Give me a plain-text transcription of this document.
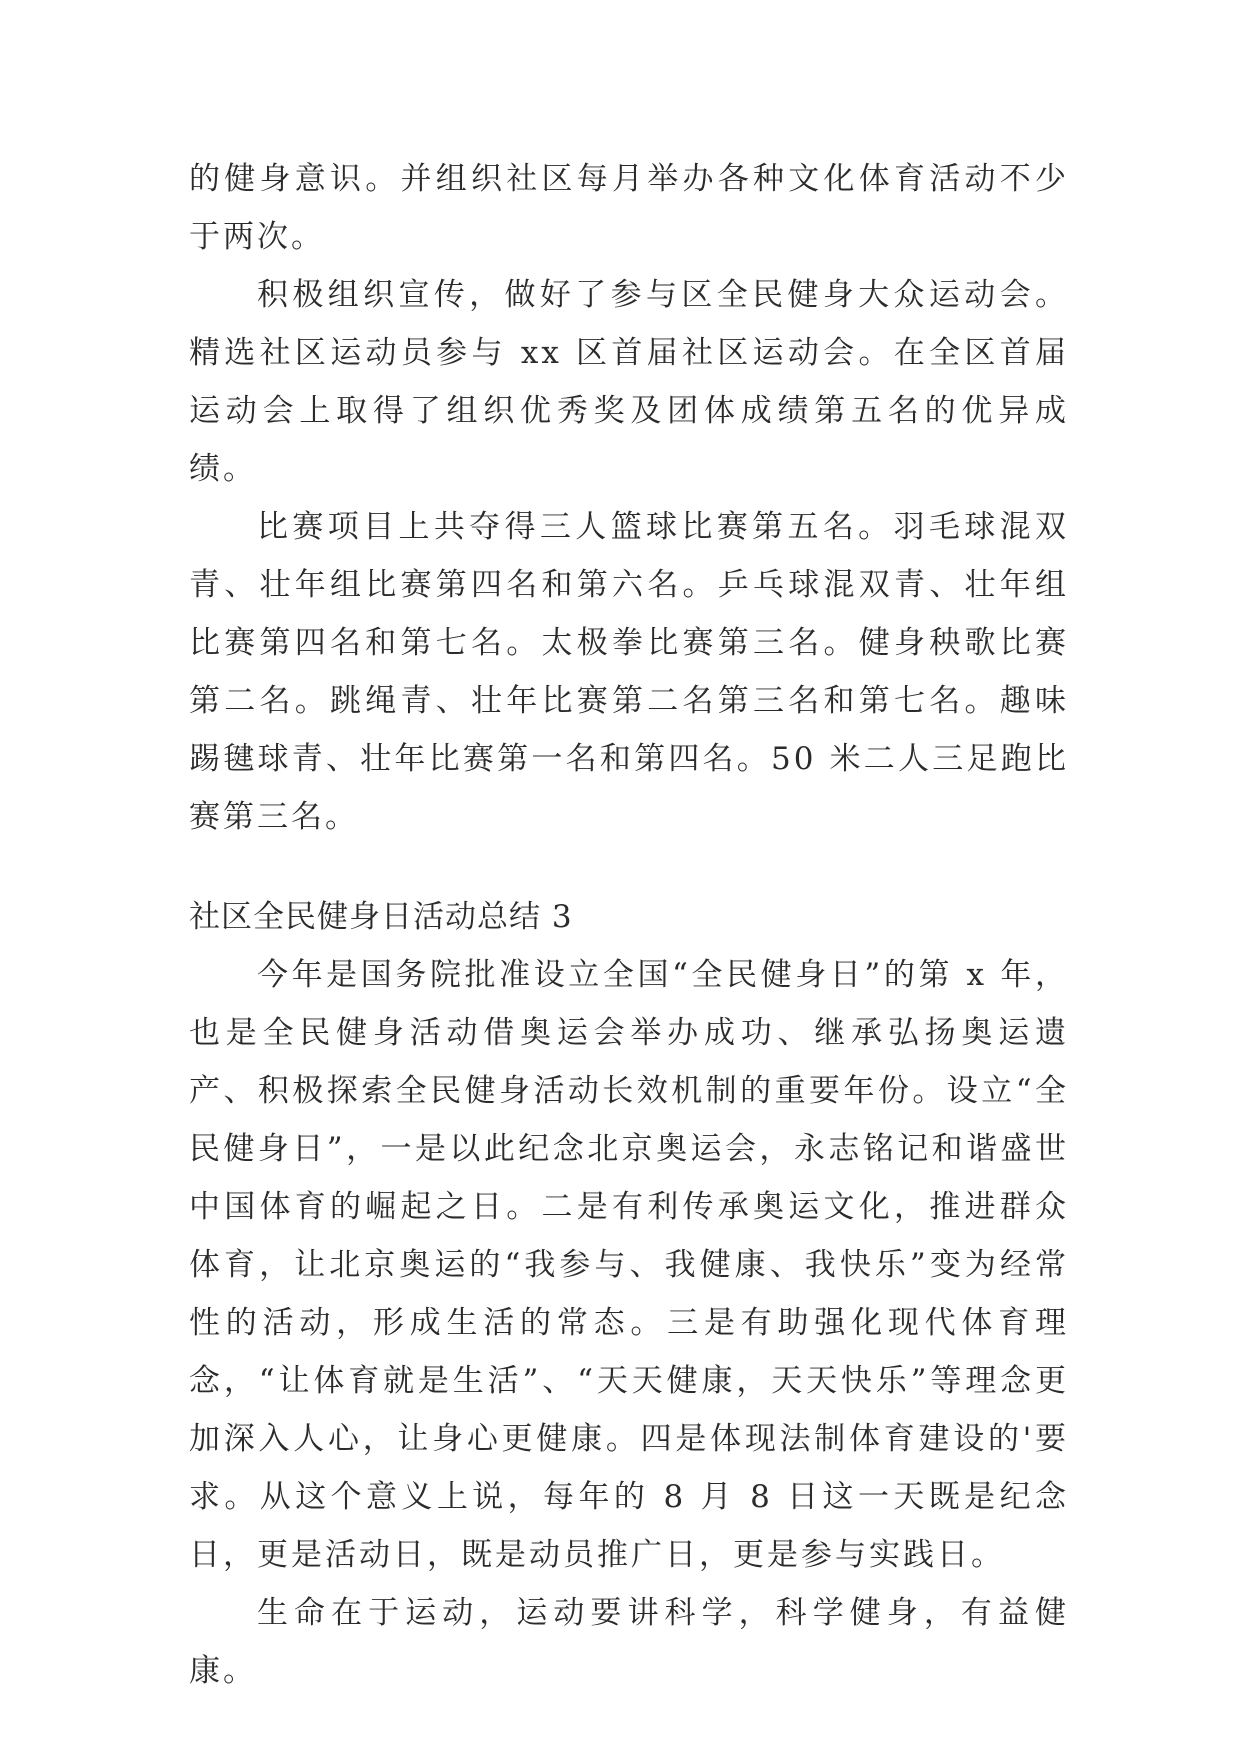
的健身意识。并组织社区每月举办各种文化体育活动不少于两次。

积极组织宣传，做好了参与区全民健身大众运动会。精选社区运动员参与 xx 区首届社区运动会。在全区首届运动会上取得了组织优秀奖及团体成绩第五名的优异成绩。

比赛项目上共夺得三人篮球比赛第五名。羽毛球混双青、壮年组比赛第四名和第六名。乒乓球混双青、壮年组比赛第四名和第七名。太极拳比赛第三名。健身秧歌比赛第二名。跳绳青、壮年比赛第二名第三名和第七名。趣味踢毽球青、壮年比赛第一名和第四名。50 米二人三足跑比赛第三名。

社区全民健身日活动总结 3

今年是国务院批准设立全国“全民健身日”的第 x 年，也是全民健身活动借奥运会举办成功、继承弘扬奥运遗产、积极探索全民健身活动长效机制的重要年份。设立“全民健身日”，一是以此纪念北京奥运会，永志铭记和谐盛世中国体育的崛起之日。二是有利传承奥运文化，推进群众体育，让北京奥运的“我参与、我健康、我快乐”变为经常性的活动，形成生活的常态。三是有助强化现代体育理念，“让体育就是生活”、“天天健康，天天快乐”等理念更加深入人心，让身心更健康。四是体现法制体育建设的'要求。从这个意义上说，每年的 8 月 8 日这一天既是纪念日，更是活动日，既是动员推广日，更是参与实践日。

生命在于运动，运动要讲科学，科学健身，有益健康。
